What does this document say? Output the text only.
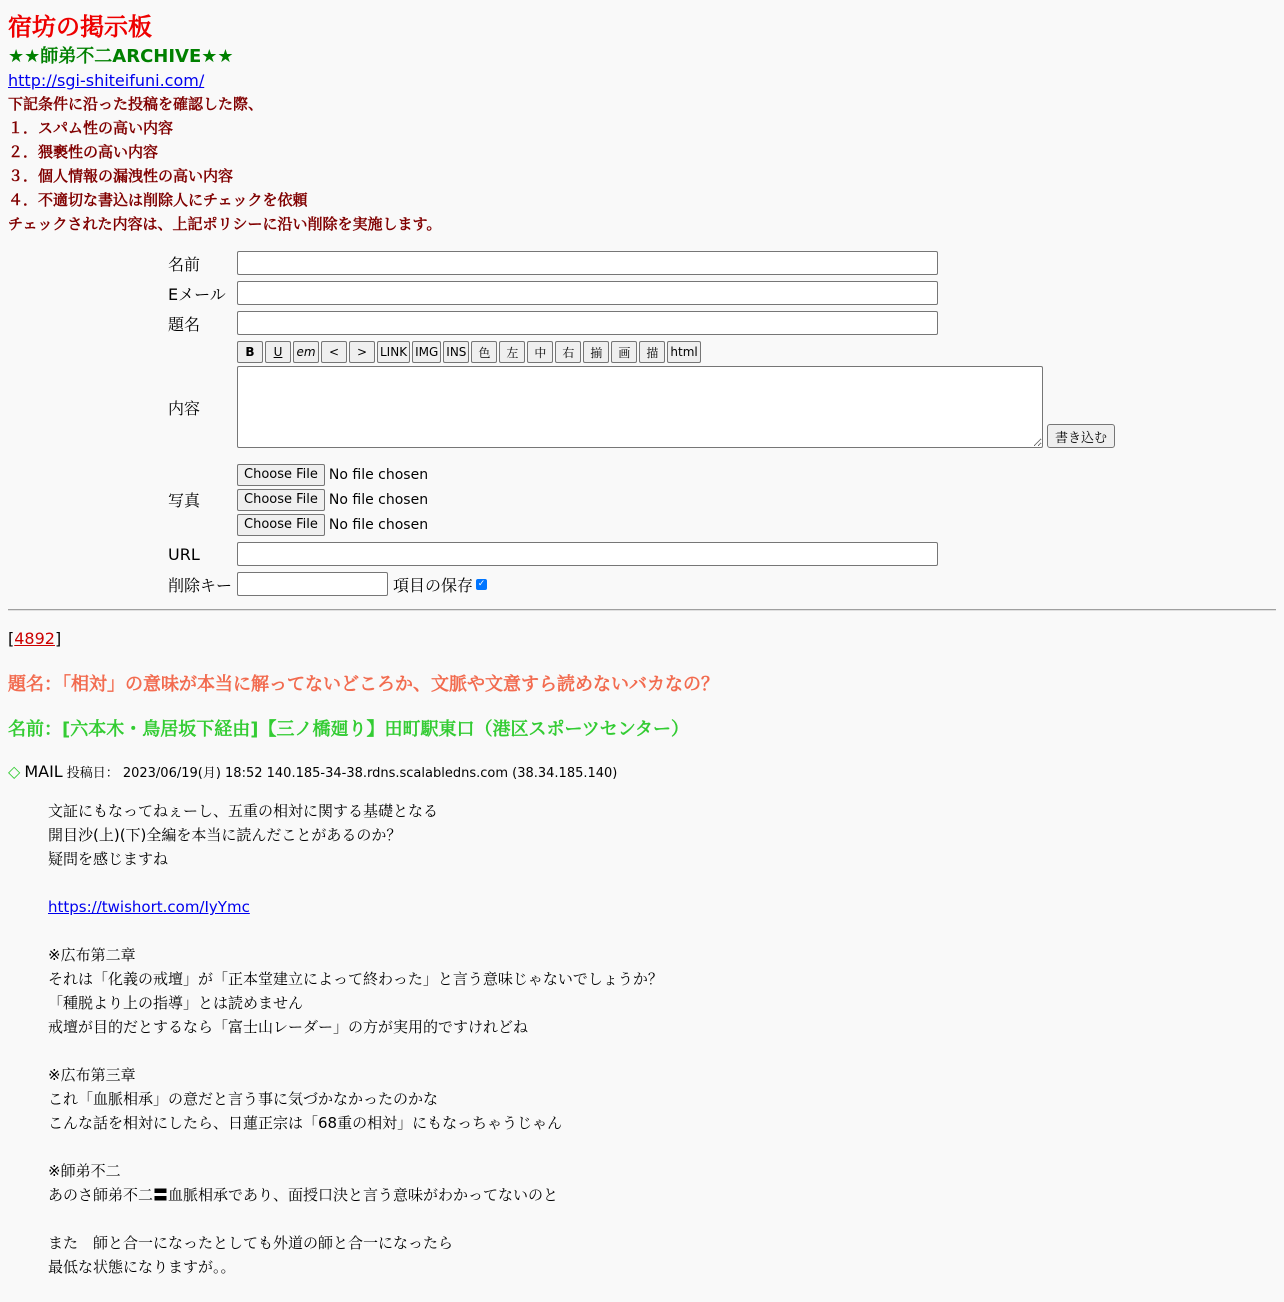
宿坊の掲示板
★★師弟不二ARCHIVE★★
http://sgi-shiteifuni.com/
下記条件に沿った投稿を確認した際、
１．スパム性の高い内容
２．猥褻性の高い内容
３．個人情報の漏洩性の高い内容
４．不適切な書込は削除人にチェックを依頼
チェックされた内容は、上記ポリシーに沿い削除を実施します。
名前
Eメール
題名
B	U	em	<	>	LINK IMG INS 色	左	中	右	揃	画	描	html
内容
書き込む
写真
Choose File No file chosen
Choose File No file chosen
Choose File No file chosen
URL
削除キー	項目の保存 ✓
[4892]
題名：「相対」の意味が本当に解ってないどころか、文脈や文意すら読めないバカなの？
名前：[六本木・鳥居坂下経由]【三ノ橋廻り】田町駅東口（港区スポーツセンター）
◇ MAIL 投稿日： 2023/06/19(月) 18:52 140.185-34-38.rdns.scalabledns.com (38.34.185.140)
文証にもなってねぇーし、五重の相対に関する基礎となる
開目沙(上)(下)全編を本当に読んだことがあるのか？
疑問を感じますね
https://twishort.com/IyYmc
※広布第二章
それは「化義の戒壇」が「正本堂建立によって終わった」と言う意味じゃないでしょうか？
「種脱より上の指導」とは読めません
戒壇が目的だとするなら「富士山レーダー」の方が実用的ですけれどね
※広布第三章
これ「血脈相承」の意だと言う事に気づかなかったのかな
こんな話を相対にしたら、日蓮正宗は「68重の相対」にもなっちゃうじゃん
※師弟不二
あのさ師弟不二〓血脈相承であり、面授口決と言う意味がわかってないのと
また　師と合一になったとしても外道の師と合一になったら
最低な状態になりますが。。
